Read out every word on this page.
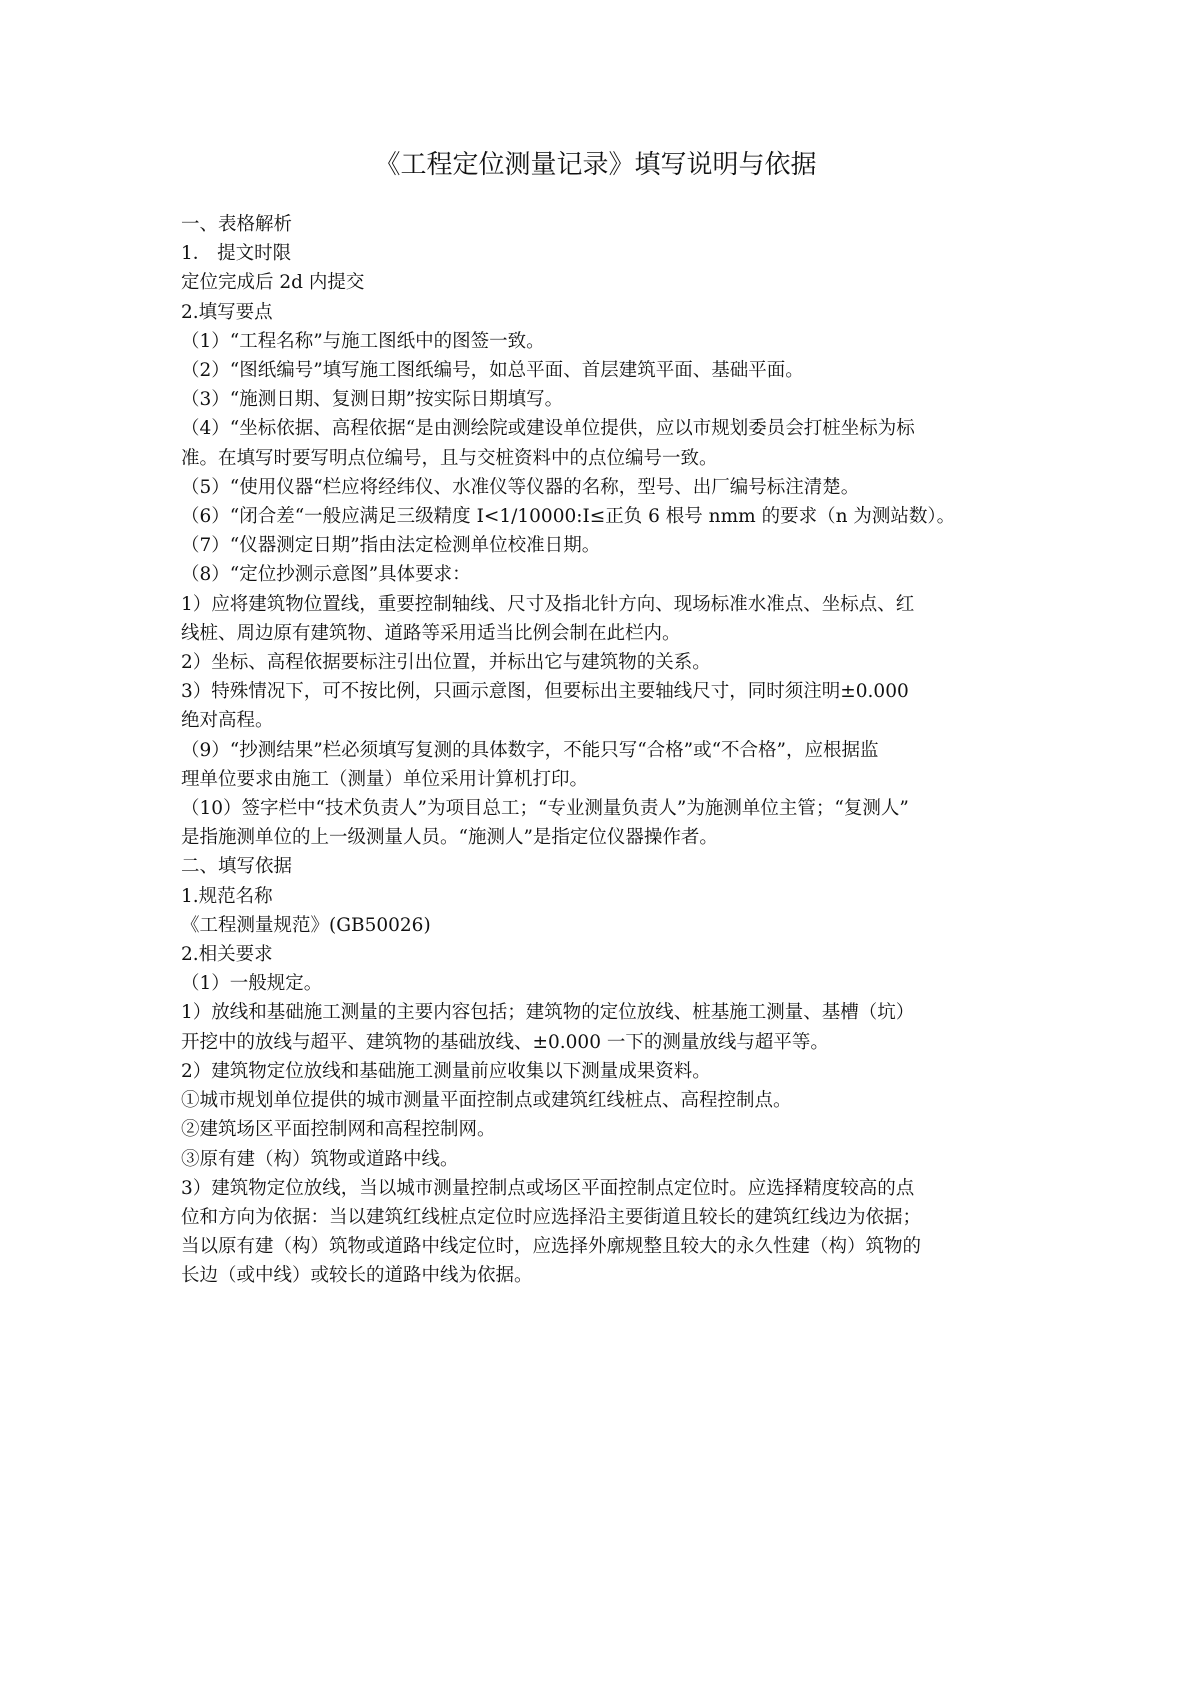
《工程定位测量记录》填写说明与依据
一、表格解析
1． 提文时限
定位完成后 2d 内提交
2.填写要点
（1）“工程名称”与施工图纸中的图签一致。
（2）“图纸编号”填写施工图纸编号，如总平面、首层建筑平面、基础平面。
（3）“施测日期、复测日期”按实际日期填写。
（4）“坐标依据、高程依据“是由测绘院或建设单位提供，应以市规划委员会打桩坐标为标
准。在填写时要写明点位编号，且与交桩资料中的点位编号一致。
（5）“使用仪器“栏应将经纬仪、水准仪等仪器的名称，型号、出厂编号标注清楚。
（6）“闭合差“一般应满足三级精度 I<1/10000:I≤正负 6 根号 nmm 的要求（n 为测站数）。
（7）“仪器测定日期”指由法定检测单位校准日期。
（8）“定位抄测示意图”具体要求：
1）应将建筑物位置线，重要控制轴线、尺寸及指北针方向、现场标准水准点、坐标点、红
线桩、周边原有建筑物、道路等采用适当比例会制在此栏内。
2）坐标、高程依据要标注引出位置，并标出它与建筑物的关系。
3）特殊情况下，可不按比例，只画示意图，但要标出主要轴线尺寸，同时须注明±0.000
绝对高程。
（9）“抄测结果”栏必须填写复测的具体数字，不能只写“合格”或“不合格”，应根据监
理单位要求由施工（测量）单位采用计算机打印。
（10）签字栏中“技术负责人”为项目总工；“专业测量负责人”为施测单位主管；“复测人”
是指施测单位的上一级测量人员。“施测人”是指定位仪器操作者。
二、填写依据
1.规范名称
《工程测量规范》(GB50026)
2.相关要求
（1）一般规定。
1）放线和基础施工测量的主要内容包括；建筑物的定位放线、桩基施工测量、基槽（坑）
开挖中的放线与超平、建筑物的基础放线、±0.000 一下的测量放线与超平等。
2）建筑物定位放线和基础施工测量前应收集以下测量成果资料。
①城市规划单位提供的城市测量平面控制点或建筑红线桩点、高程控制点。
②建筑场区平面控制网和高程控制网。
③原有建（构）筑物或道路中线。
3）建筑物定位放线，当以城市测量控制点或场区平面控制点定位时。应选择精度较高的点
位和方向为依据：当以建筑红线桩点定位时应选择沿主要街道且较长的建筑红线边为依据；
当以原有建（构）筑物或道路中线定位时，应选择外廓规整且较大的永久性建（构）筑物的
长边（或中线）或较长的道路中线为依据。
